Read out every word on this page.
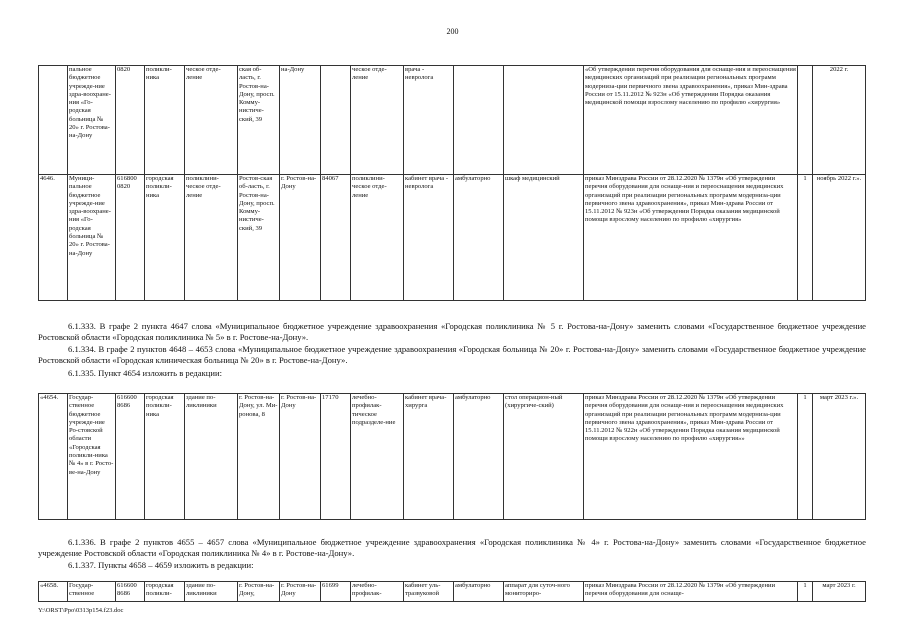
200
	пальное бюджетное учрежде-ние здра-воохране-ния «Го-родская больница № 20» г. Ростова-на-Дону	0820	поликли-ника	ческое отде-ление	ская об-ласть, г. Ростов-на-Дону, просп. Комму-нистиче-ский, 39	на-Дону		ческое отде-ление	врача - невролога			«Об утверждении перечня оборудования для оснаще-ния и переоснащения медицинских организаций при реализации региональных программ модерниза-ции первичного звена здравоохранения», приказ Мин-здрава России от 15.11.2012 № 923н «Об утверждении Порядка оказания медицинской помощи взрослому населению по профилю «хирургия»		2022 г.
4646.	Муници-пальное бюджетное учрежде-ние здра-воохране-ния «Го-родская больница № 20» г. Ростова-на-Дону	616800 0820	городская поликли-ника	поликлини-ческое отде-ление	Ростов-ская об-ласть, г. Ростов-на-Дону, просп. Комму-нистиче-ский, 39	г. Ростов-на-Дону	84067	поликлини-ческое отде-ление	кабинет врача - невролога	амбулаторно	шкаф медицинский	приказ Минздрава России от 28.12.2020 № 1379н «Об утверждении перечня оборудования для оснаще-ния и переоснащения медицинских организаций при реализации региональных программ модерниза-ции первичного звена здравоохранения», приказ Мин-здрава России от 15.11.2012 № 923н «Об утверждении Порядка оказания медицинской помощи взрослому населению по профилю «хирургия»	1	ноябрь 2022 г.».
6.1.333. В графе 2 пункта 4647 слова «Муниципальное бюджетное учреждение здравоохранения «Городская поликлиника № 5 г. Ростова-на-Дону» заменить словами «Государственное бюджетное учреждение Ростовской области «Городская поликлиника № 5» в г. Ростове-на-Дону».
6.1.334. В графе 2 пунктов 4648 – 4653 слова «Муниципальное бюджетное учреждение здравоохранения «Городская больница № 20» г. Ростова-на-Дону» заменить словами «Государственное бюджетное учреждение Ростовской области «Городская клиническая больница № 20» в г. Ростове-на-Дону».
6.1.335. Пункт 4654 изложить в редакции:
«4654.	Государ-ственное бюджетное учрежде-ние Ро-стовской области «Городская поликли-ника № 4» в г. Росто-ве-на-Дону	616600 8686	городская поликли-ника	здание по-ликлиники	г. Ростов-на-Дону, ул. Ми-ронова, 8	г. Ростов-на-Дону	17170	лечебно-профилак-тическое подразделе-ние	кабинет врача-хирурга	амбулаторно	стол операцион-ный (хирургиче-ский)	приказ Минздрава России от 28.12.2020 № 1379н «Об утверждении перечня оборудования для оснаще-ния и переоснащения медицинских организаций при реализации региональных программ модерниза-ции первичного звена здравоохранения», приказ Мин-здрава России от 15.11.2012 № 922н «Об утверждении Порядка оказания медицинской помощи взрослому населению по профилю «хирургия»»	1	март 2023 г.».
6.1.336. В графе 2 пунктов 4655 – 4657 слова «Муниципальное бюджетное учреждение здравоохранения «Городская поликлиника № 4» г. Ростова-на-Дону» заменить словами «Государственное бюджетное учреждение Ростовской области «Городская поликлиника № 4» в г. Ростове-на-Дону».
6.1.337. Пункты 4658 – 4659 изложить в редакции:
«4658.	Государ-ственное	616600 8686	городская поликли-	здание по-ликлиники	г. Ростов-на-Дону,	г. Ростов-на-Дону	61699	лечебно-профилак-	кабинет уль-тразвуковой	амбулаторно	аппарат для суточ-ного мониториро-	приказ Минздрава России от 28.12.2020 № 1379н «Об утверждении перечня оборудования для оснаще-	1	март 2023 г.
Y:\ORST\Ppo\0313p154.f23.doc
